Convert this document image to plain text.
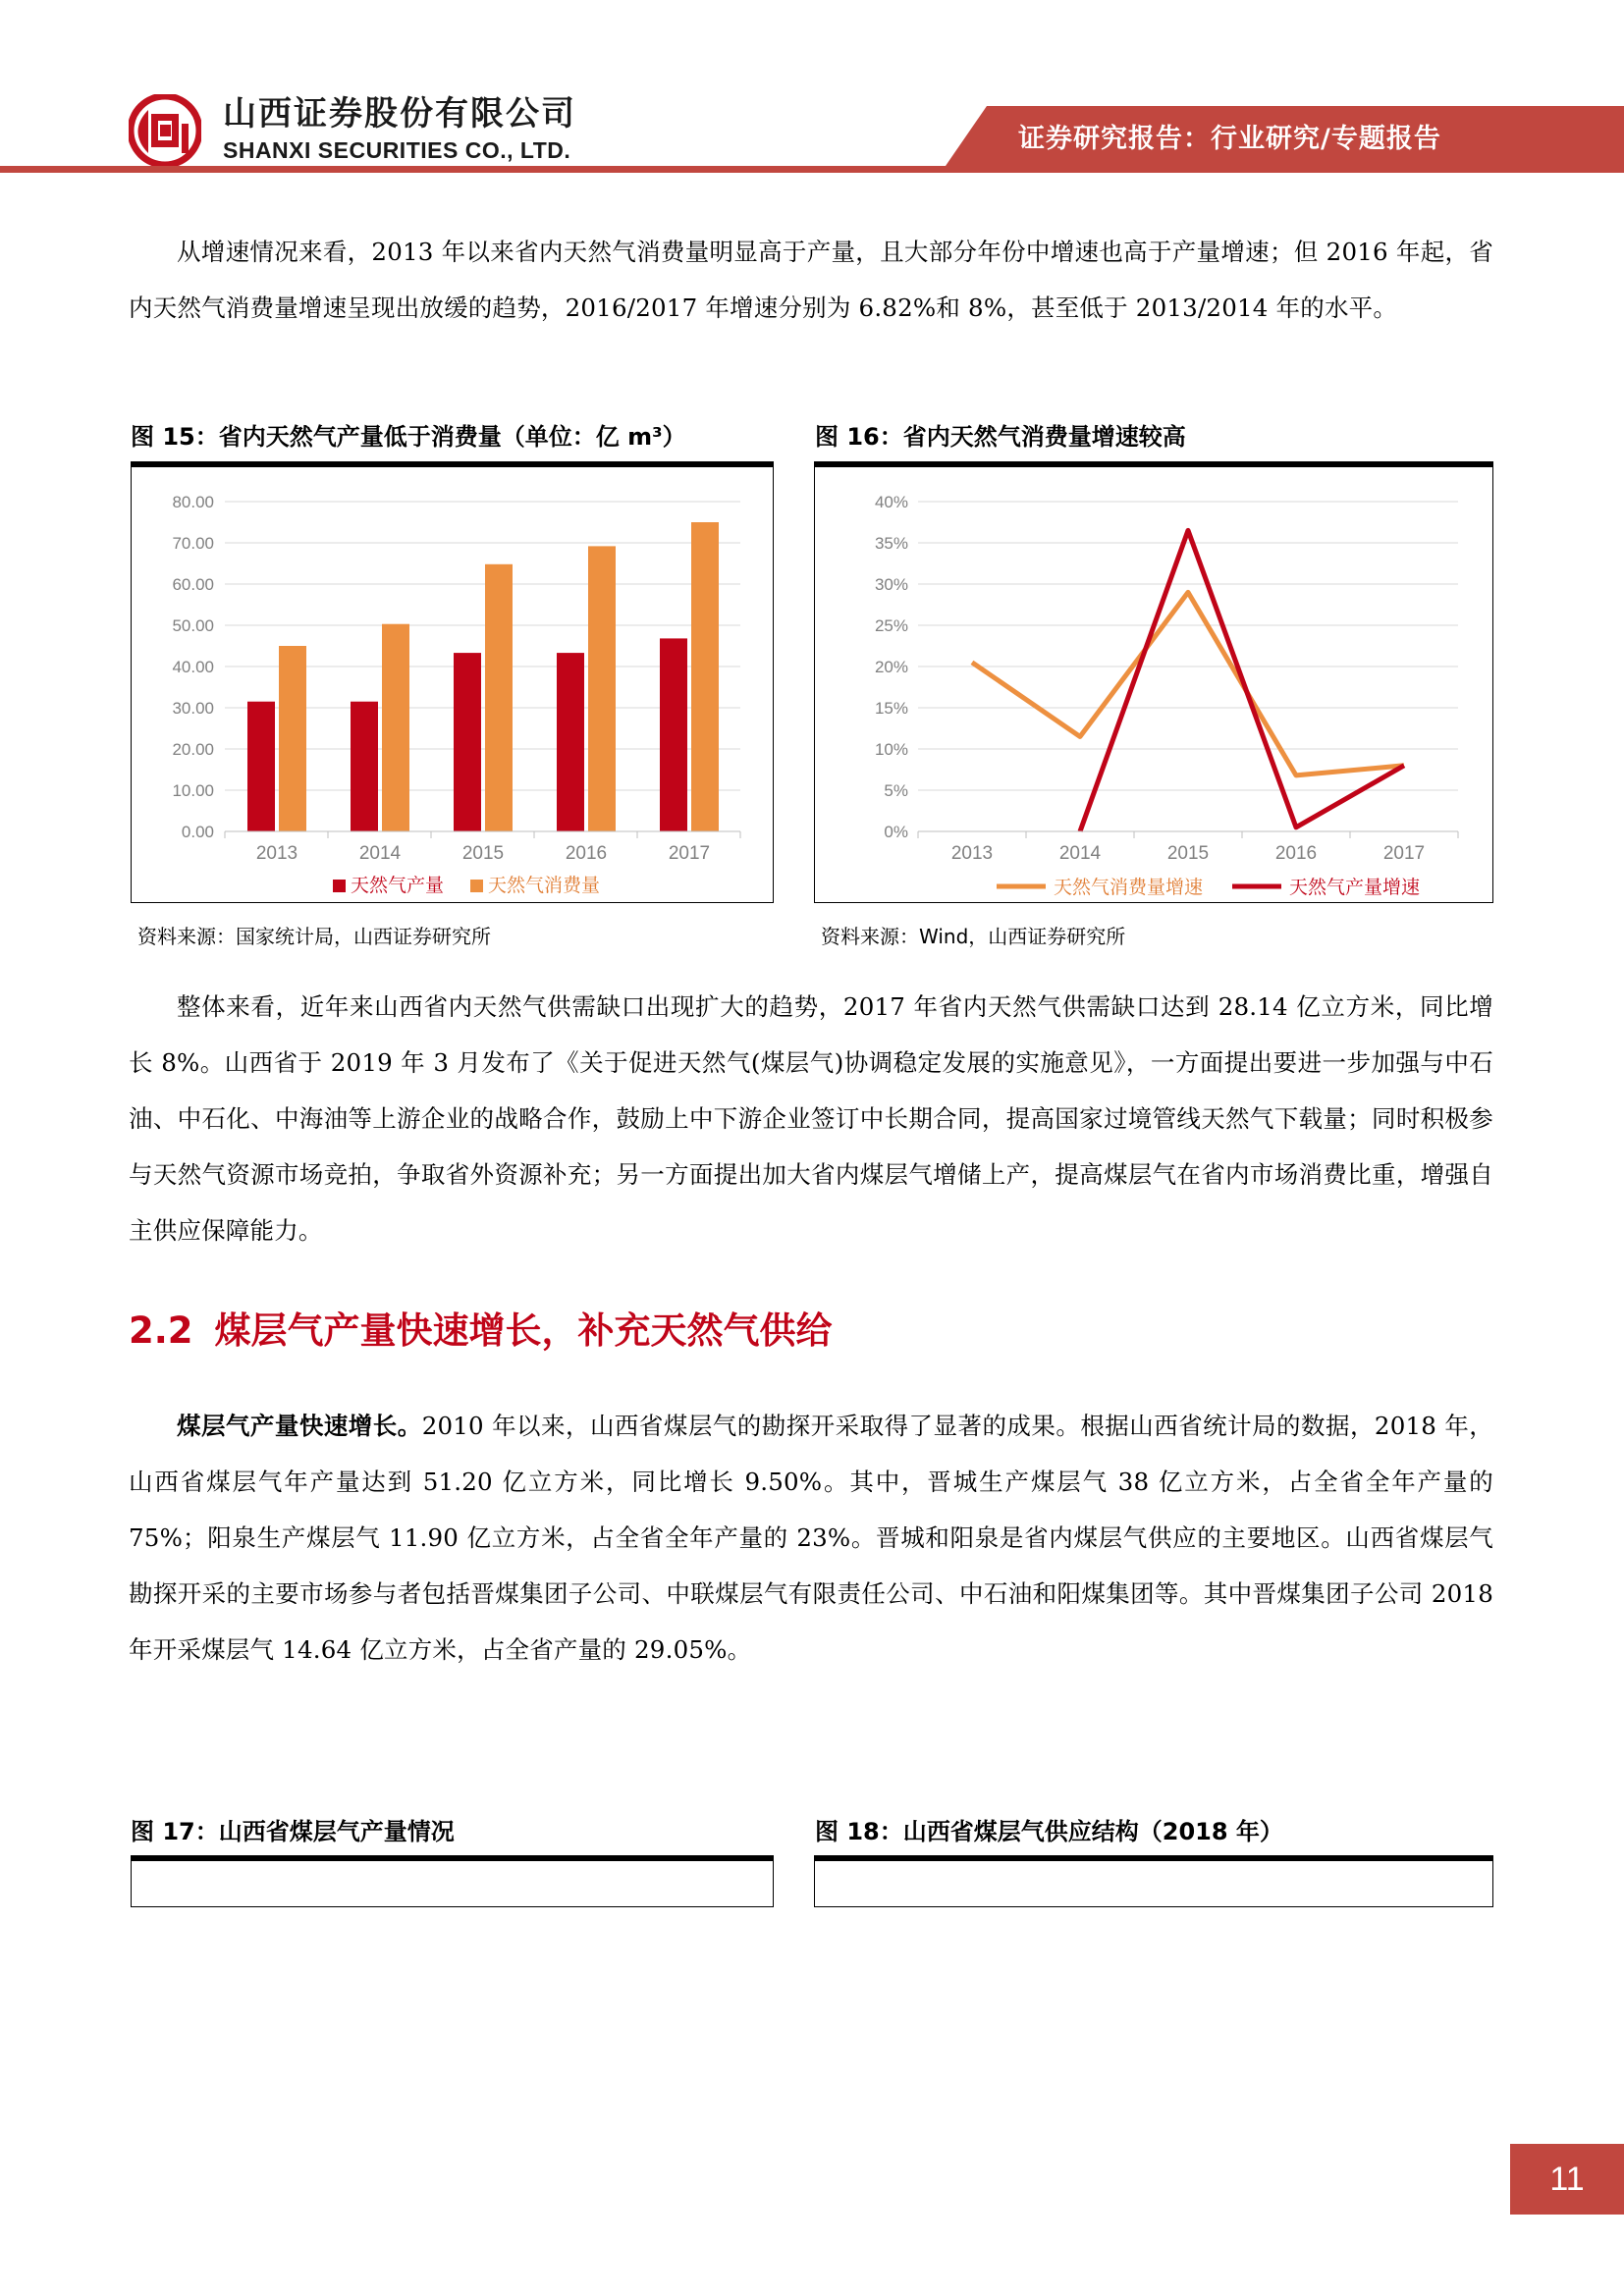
山西证券股份有限公司
SHANXI SECURITIES CO., LTD.	证券研究报告：行业研究/专题报告
从增速情况来看，2013 年以来省内天然气消费量明显高于产量，且大部分年份中增速也高于产量增速；但 2016 年起，省内天然气消费量增速呈现出放缓的趋势，2016/2017 年增速分别为 6.82%和 8%，甚至低于 2013/2014 年的水平。
图 15：省内天然气产量低于消费量（单位：亿 m³）	图 16：省内天然气消费量增速较高
80.00
70.00
60.00
50.00
40.00
30.00
20.00
10.00
0.00
2013	2014	2015	2016	2017
天然气产量 天然气消费量
40%
35%
30%
25%
20%
15%
10%
5%
0%
2013	2014	2015	2016	2017
天然气消费量增速	天然气产量增速
资料来源：国家统计局，山西证券研究所	资料来源：Wind，山西证券研究所
整体来看，近年来山西省内天然气供需缺口出现扩大的趋势，2017 年省内天然气供需缺口达到 28.14 亿立方米，同比增长 8%。山西省于 2019 年 3 月发布了《关于促进天然气(煤层气)协调稳定发展的实施意见》，一方面提出要进一步加强与中石油、中石化、中海油等上游企业的战略合作，鼓励上中下游企业签订中长期合同，提高国家过境管线天然气下载量；同时积极参与天然气资源市场竞拍，争取省外资源补充；另一方面提出加大省内煤层气增储上产，提高煤层气在省内市场消费比重，增强自主供应保障能力。
2.2 煤层气产量快速增长，补充天然气供给
煤层气产量快速增长。2010 年以来，山西省煤层气的勘探开采取得了显著的成果。根据山西省统计局的数据，2018 年，山西省煤层气年产量达到 51.20 亿立方米，同比增长 9.50%。其中，晋城生产煤层气 38 亿立方米，占全省全年产量的 75%；阳泉生产煤层气 11.90 亿立方米，占全省全年产量的 23%。晋城和阳泉是省内煤层气供应的主要地区。山西省煤层气勘探开采的主要市场参与者包括晋煤集团子公司、中联煤层气有限责任公司、中石油和阳煤集团等。其中晋煤集团子公司 2018 年开采煤层气 14.64 亿立方米，占全省产量的 29.05%。
图 17：山西省煤层气产量情况	图 18：山西省煤层气供应结构（2018 年）
11
